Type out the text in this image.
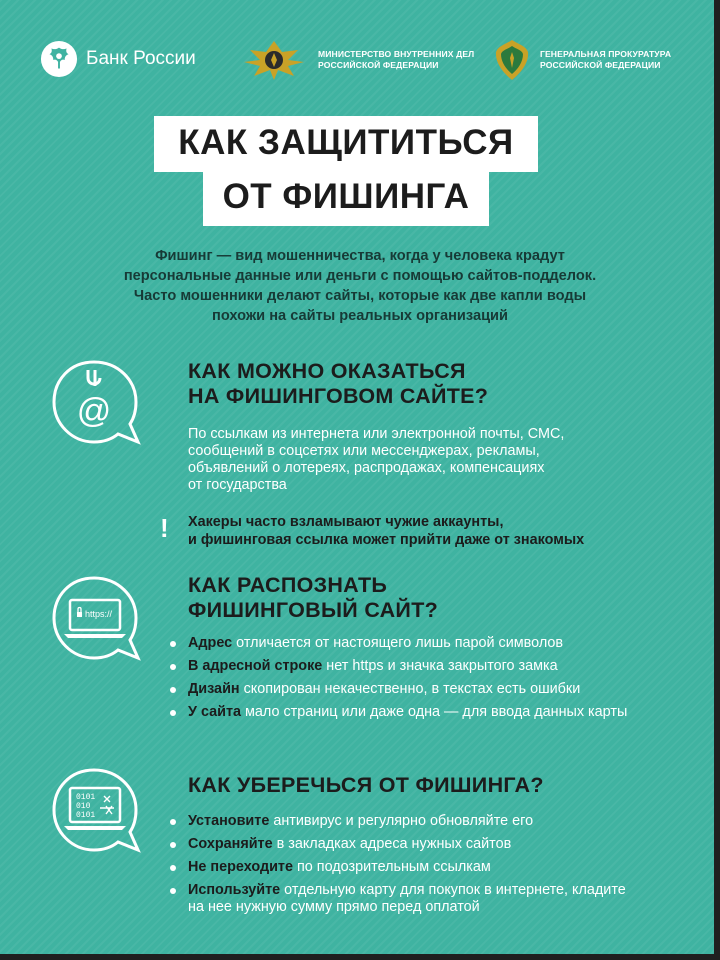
Банк России	МИНИСТЕРСТВО ВНУТРЕННИХ ДЕЛ
РОССИЙСКОЙ ФЕДЕРАЦИИ
ГЕНЕРАЛЬНАЯ ПРОКУРАТУРА
РОССИЙСКОЙ ФЕДЕРАЦИИ
КАК ЗАЩИТИТЬСЯ
ОТ ФИШИНГА
Фишинг — вид мошенничества, когда у человека крадут
персональные данные или деньги с помощью сайтов-подделок.
Часто мошенники делают сайты, которые как две капли воды
похожи на сайты реальных организаций
@
КАК МОЖНО ОКАЗАТЬСЯ
НА ФИШИНГОВОМ САЙТЕ?
По ссылкам из интернета или электронной почты, СМС,
сообщений в соцсетях или мессенджерах, рекламы,
объявлений о лотереях, распродажах, компенсациях
от государства
! Хакеры часто взламывают чужие аккаунты,
и фишинговая ссылка может прийти даже от знакомых
https://
КАК РАСПОЗНАТЬ
ФИШИНГОВЫЙ САЙТ?
Адрес отличается от настоящего лишь парой символов
В адресной строке нет https и значка закрытого замка
Дизайн скопирован некачественно, в текстах есть ошибки
У сайта мало страниц или даже одна — для ввода данных карты
0101
010
0101
КАК УБЕРЕЧЬСЯ ОТ ФИШИНГА?
Установите антивирус и регулярно обновляйте его
Сохраняйте в закладках адреса нужных сайтов
Не переходите по подозрительным ссылкам
Используйте отдельную карту для покупок в интернете, кладите на нее нужную сумму прямо перед оплатой
